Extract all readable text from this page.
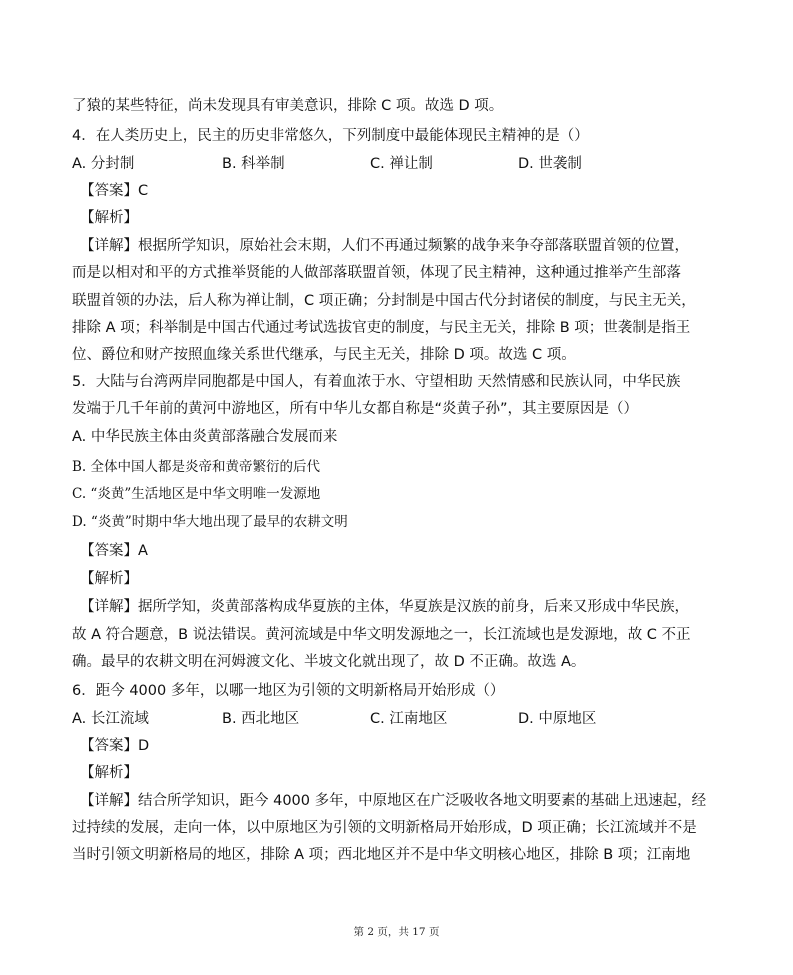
了猿的某些特征，尚未发现具有审美意识，排除 C 项。故选 D 项。
4．在人类历史上，民主的历史非常悠久，下列制度中最能体现民主精神的是（）
A. 分封制	B. 科举制	C. 禅让制	D. 世袭制
【答案】C
【解析】
【详解】根据所学知识，原始社会末期，人们不再通过频繁的战争来争夺部落联盟首领的位置，
而是以相对和平的方式推举贤能的人做部落联盟首领，体现了民主精神，这种通过推举产生部落
联盟首领的办法，后人称为禅让制，C 项正确；分封制是中国古代分封诸侯的制度，与民主无关，
排除 A 项；科举制是中国古代通过考试选拔官吏的制度，与民主无关，排除 B 项；世袭制是指王
位、爵位和财产按照血缘关系世代继承，与民主无关，排除 D 项。故选 C 项。
5．大陆与台湾两岸同胞都是中国人，有着血浓于水、守望相助 天然情感和民族认同，中华民族
发端于几千年前的黄河中游地区，所有中华儿女都自称是“炎黄子孙”，其主要原因是（）
A. 中华民族主体由炎黄部落融合发展而来
B. 全体中国人都是炎帝和黄帝繁衍的后代
C. “炎黄”生活地区是中华文明唯一发源地
D. “炎黄”时期中华大地出现了最早的农耕文明
【答案】A
【解析】
【详解】据所学知，炎黄部落构成华夏族的主体，华夏族是汉族的前身，后来又形成中华民族，
故 A 符合题意，B 说法错误。黄河流域是中华文明发源地之一，长江流域也是发源地，故 C 不正
确。最早的农耕文明在河姆渡文化、半坡文化就出现了，故 D 不正确。故选 A。
6．距今 4000 多年，以哪一地区为引领的文明新格局开始形成（）
A. 长江流域	B. 西北地区	C. 江南地区	D. 中原地区
【答案】D
【解析】
【详解】结合所学知识，距今 4000 多年，中原地区在广泛吸收各地文明要素的基础上迅速起，经
过持续的发展，走向一体，以中原地区为引领的文明新格局开始形成，D 项正确；长江流域并不是
当时引领文明新格局的地区，排除 A 项；西北地区并不是中华文明核心地区，排除 B 项；江南地
第 2 页，共 17 页
